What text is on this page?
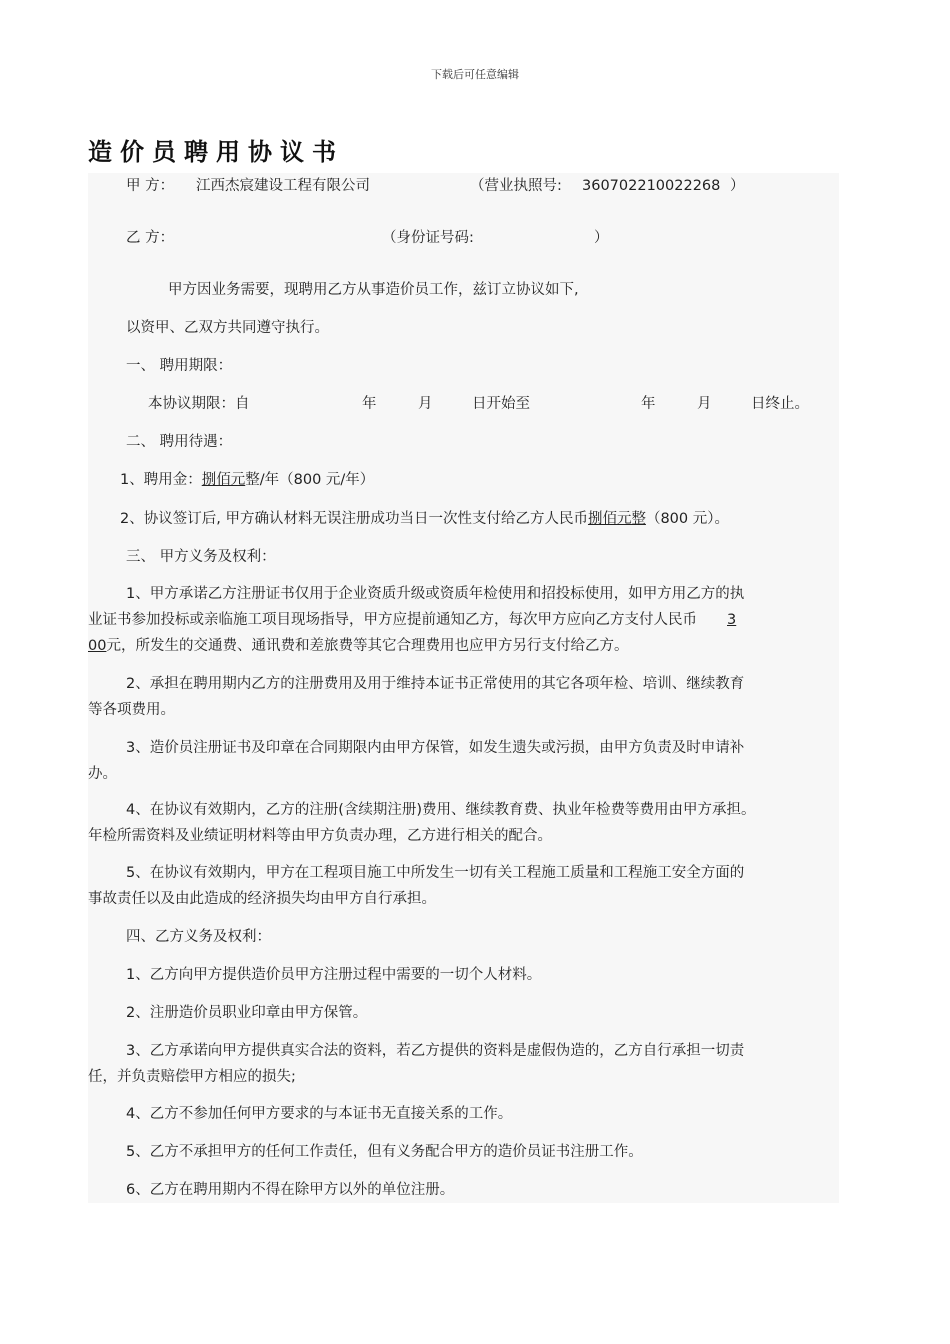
下载后可任意编辑
造价员聘用协议书
甲 方： 江西杰宸建设工程有限公司	（营业执照号: 360702210022268 ）
乙 方：	（身份证号码:	）
甲方因业务需要，现聘用乙方从事造价员工作，兹订立协议如下,
以资甲、乙双方共同遵守执行。
一、 聘用期限：
本协议期限：自	年	月	日开始至	年	月	日终止。
二、 聘用待遇：
1、聘用金：捌佰元整/年（800 元/年）
2、协议签订后, 甲方确认材料无误注册成功当日一次性支付给乙方人民币捌佰元整（800 元）。
三、 甲方义务及权利：
1、甲方承诺乙方注册证书仅用于企业资质升级或资质年检使用和招投标使用，如甲方用乙方的执
业证书参加投标或亲临施工项目现场指导，甲方应提前通知乙方，每次甲方应向乙方支付人民币 3
00元，所发生的交通费、通讯费和差旅费等其它合理费用也应甲方另行支付给乙方。
2、承担在聘用期内乙方的注册费用及用于维持本证书正常使用的其它各项年检、培训、继续教育
等各项费用。
3、造价员注册证书及印章在合同期限内由甲方保管，如发生遗失或污损，由甲方负责及时申请补
办。
4、在协议有效期内，乙方的注册(含续期注册)费用、继续教育费、执业年检费等费用由甲方承担。
年检所需资料及业绩证明材料等由甲方负责办理，乙方进行相关的配合。
5、在协议有效期内，甲方在工程项目施工中所发生一切有关工程施工质量和工程施工安全方面的
事故责任以及由此造成的经济损失均由甲方自行承担。
四、乙方义务及权利：
1、乙方向甲方提供造价员甲方注册过程中需要的一切个人材料。
2、注册造价员职业印章由甲方保管。
3、乙方承诺向甲方提供真实合法的资料，若乙方提供的资料是虚假伪造的，乙方自行承担一切责
任，并负责赔偿甲方相应的损失;
4、乙方不参加任何甲方要求的与本证书无直接关系的工作。
5、乙方不承担甲方的任何工作责任，但有义务配合甲方的造价员证书注册工作。
6、乙方在聘用期内不得在除甲方以外的单位注册。
